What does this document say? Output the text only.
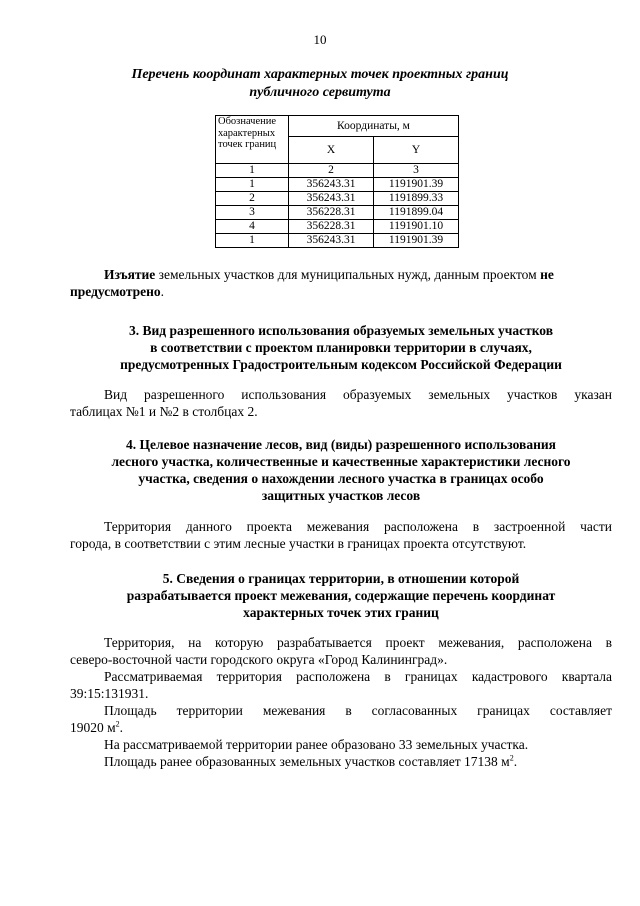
10
Перечень координат характерных точек проектных границ
публичного сервитута
Обозначение
характерных
точек границ	Координаты, м	
	X	Y
1	2	3
1	356243.31	1191901.39
2	356243.31	1191899.33
3	356228.31	1191899.04
4	356228.31	1191901.10
1	356243.31	1191901.39
Изъятие земельных участков для муниципальных нужд, данным проектом не
предусмотрено.
3. Вид разрешенного использования образуемых земельных участков
в соответствии с проектом планировки территории в случаях,
предусмотренных Градостроительным кодексом Российской Федерации
Вид разрешенного использования образуемых земельных участков указан
таблицах №1 и №2 в столбцах 2.
4. Целевое назначение лесов, вид (виды) разрешенного использования
лесного участка, количественные и качественные характеристики лесного
участка, сведения о нахождении лесного участка в границах особо
защитных участков лесов
Территория данного проекта межевания расположена в застроенной части
города, в соответствии с этим лесные участки в границах проекта отсутствуют.
5. Сведения о границах территории, в отношении которой
разрабатывается проект межевания, содержащие перечень координат
характерных точек этих границ
Территория, на которую разрабатывается проект межевания, расположена в
северо-восточной части городского округа «Город Калининград».
Рассматриваемая территория расположена в границах кадастрового квартала
39:15:131931.
Площадь территории межевания в согласованных границах составляет
19020 $м^2$.
На рассматриваемой территории ранее образовано 33 земельных участка.
Площадь ранее образованных земельных участков составляет 17138 $м^2$.
